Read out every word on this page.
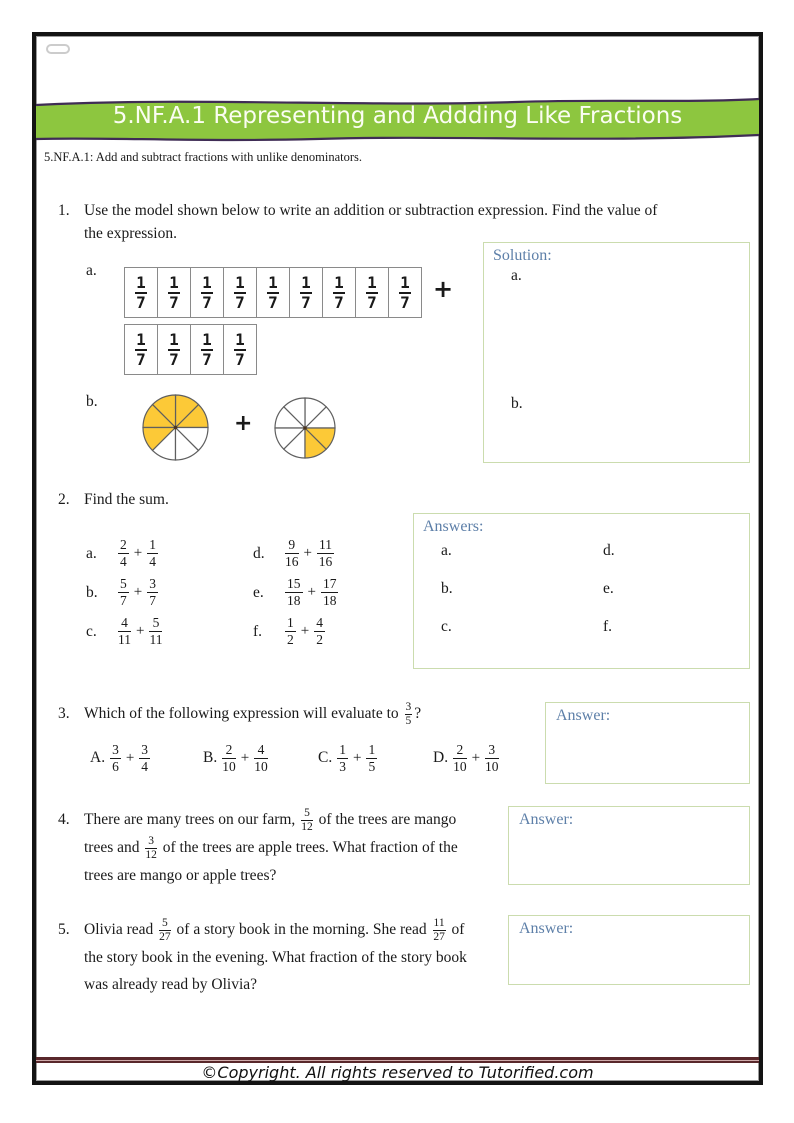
5.NF.A.1 Representing and Addding Like Fractions
5.NF.A.1: Add and subtract fractions with unlike denominators.
1. Use the model shown below to write an addition or subtraction expression. Find the value of
the expression.
a.
$\frac{1}{7} \frac{1}{7} \frac{1}{7} \frac{1}{7} \frac{1}{7} \frac{1}{7} \frac{1}{7} \frac{1}{7} \frac{1}{7}$ +
$\frac{1}{7} \frac{1}{7} \frac{1}{7} \frac{1}{7}$
b.
+
Solution:
a.
b.
2. Find the sum.
a.	$\frac{2}{4} + \frac{1}{4}$
b.	$\frac{5}{7} + \frac{3}{7}$
c.	$\frac{4}{11} + \frac{5}{11}$
d.	$\frac{9}{16} + \frac{11}{16}$
e.	$\frac{15}{18} + \frac{17}{18}$
f.	$\frac{1}{2} + \frac{4}{2}$
Answers:
a.
b.
c.
d.
e.
f.
3. Which of the following expression will evaluate to $\frac{3}{5}$ ?
A. $\frac{3}{6} + \frac{3}{4}$	B. $\frac{2}{10} + \frac{4}{10}$	C. $\frac{1}{3} + \frac{1}{5}$	D. $\frac{2}{10} + \frac{3}{10}$
Answer:
4. There are many trees on our farm, $\frac{5}{12}$ of the trees are mango
trees and $\frac{3}{12}$ of the trees are apple trees. What fraction of the
trees are mango or apple trees?
Answer:
5. Olivia read $\frac{5}{27}$ of a story book in the morning. She read $\frac{11}{27}$ of
the story book in the evening. What fraction of the story book
was already read by Olivia?
Answer:
©Copyright. All rights reserved to Tutorified.com
